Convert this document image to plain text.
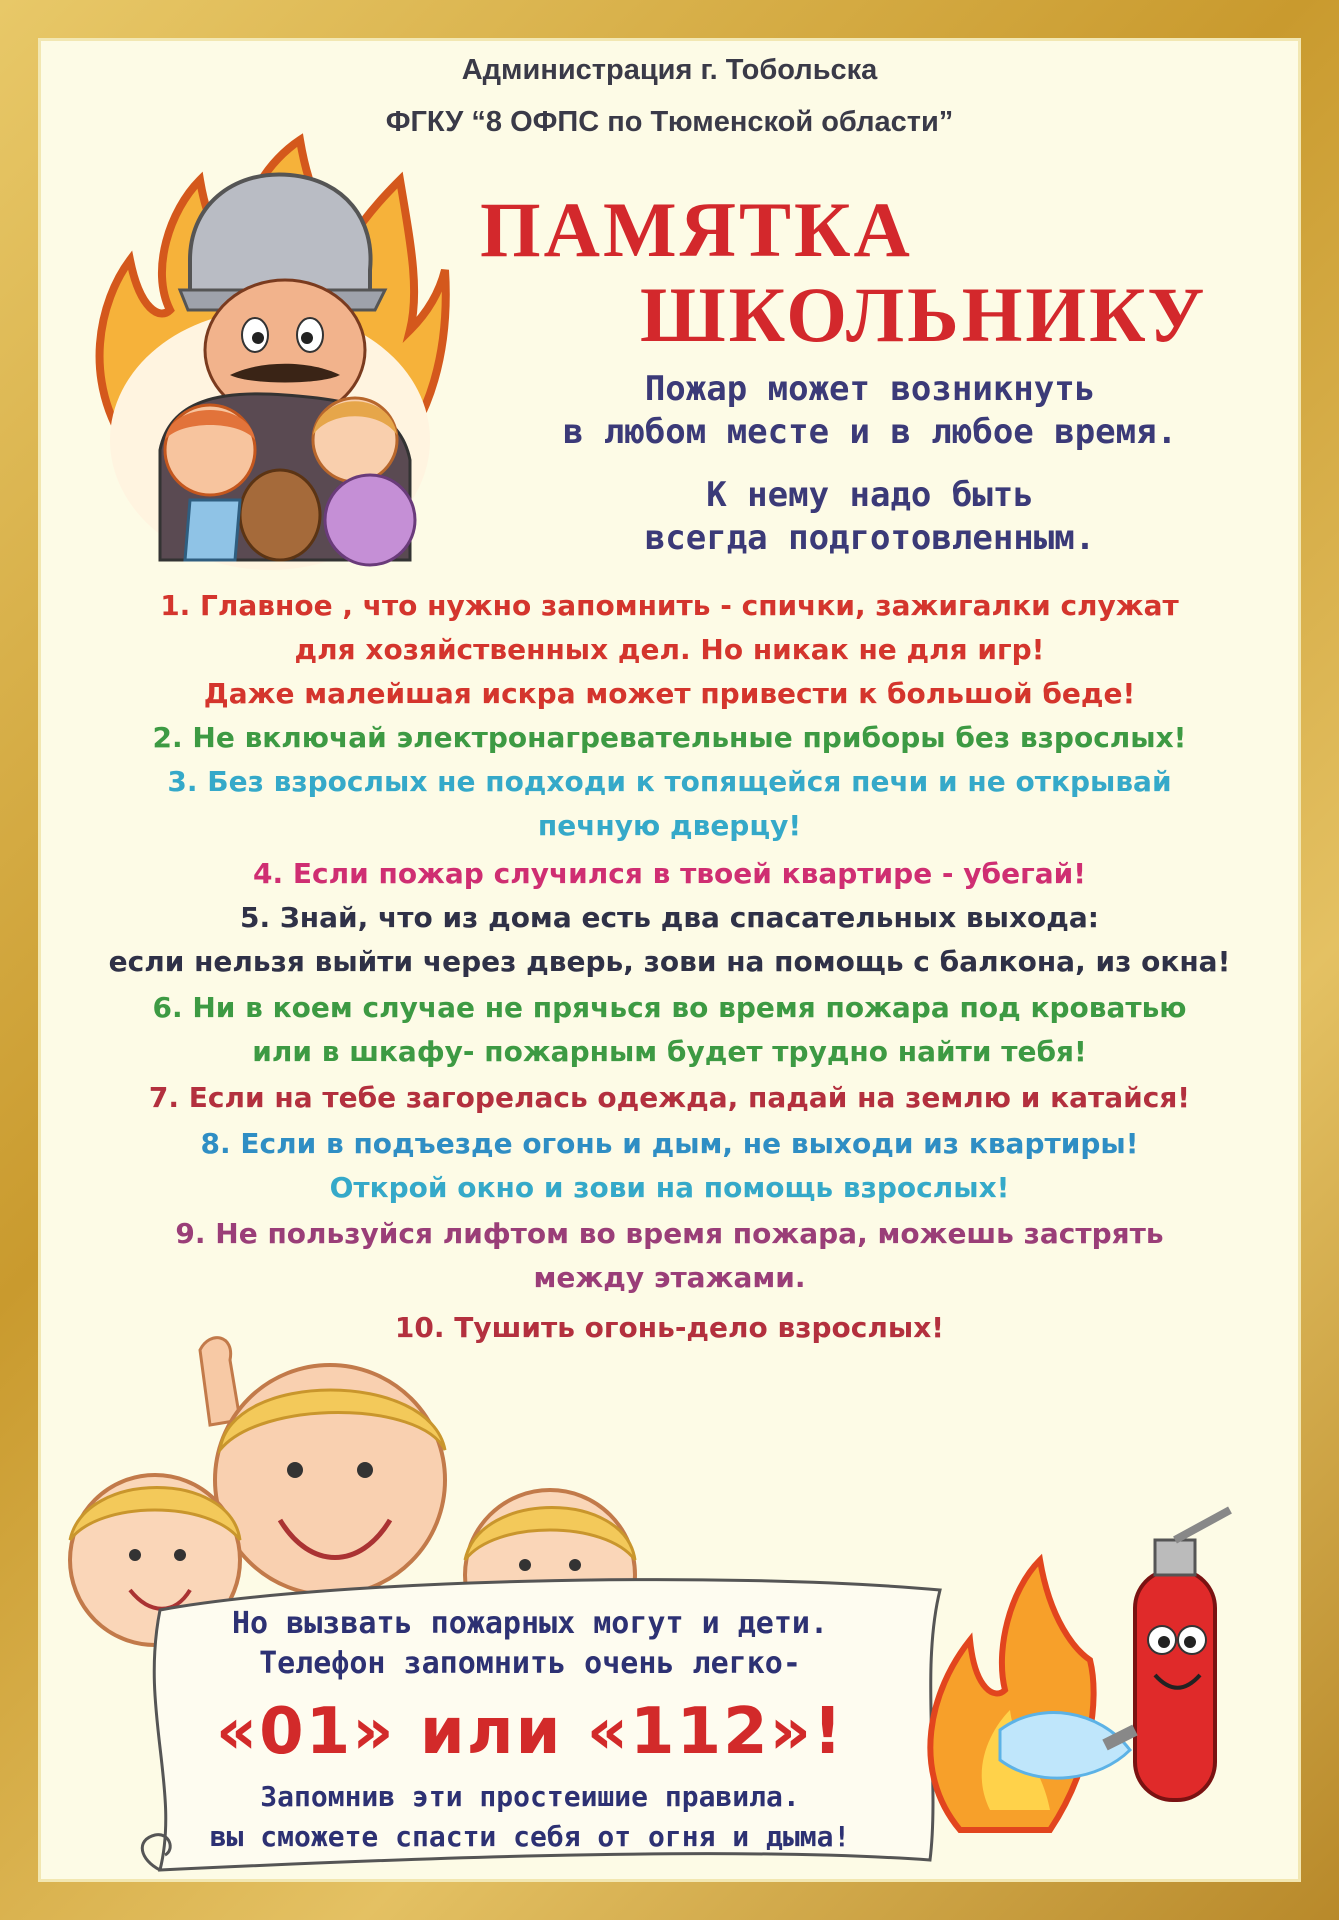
Администрация г. Тобольска
ФГКУ “8 ОФПС по Тюменской области”
ПАМЯТКА
ШКОЛЬНИКУ
Пожар может возникнуть
в любом месте и в любое время.
К нему надо быть
всегда подготовленным.
1. Главное , что нужно запомнить - спички, зажигалки служат
для хозяйственных дел. Но никак не для игр!
Даже малейшая искра может привести к большой беде!
2. Не включай электронагревательные приборы без взрослых!
3. Без взрослых не подходи к топящейся печи и не открывай
печную дверцу!
4. Если пожар случился в твоей квартире - убегай!
5. Знай, что из дома есть два спасательных выхода:
если нельзя выйти через дверь, зови на помощь с балкона, из окна!
6. Ни в коем случае не прячься во время пожара под кроватью
или в шкафу- пожарным будет трудно найти тебя!
7. Если на тебе загорелась одежда, падай на землю и катайся!
8. Если в подъезде огонь и дым, не выходи из квартиры!
Открой окно и зови на помощь взрослых!
9. Не пользуйся лифтом во время пожара, можешь застрять
между этажами.
10. Тушить огонь-дело взрослых!
Но вызвать пожарных могут и дети.
Телефон запомнить очень легко-
«01» или «112»!
Запомнив эти простеишие правила.
вы сможете спасти себя от огня и дыма!
